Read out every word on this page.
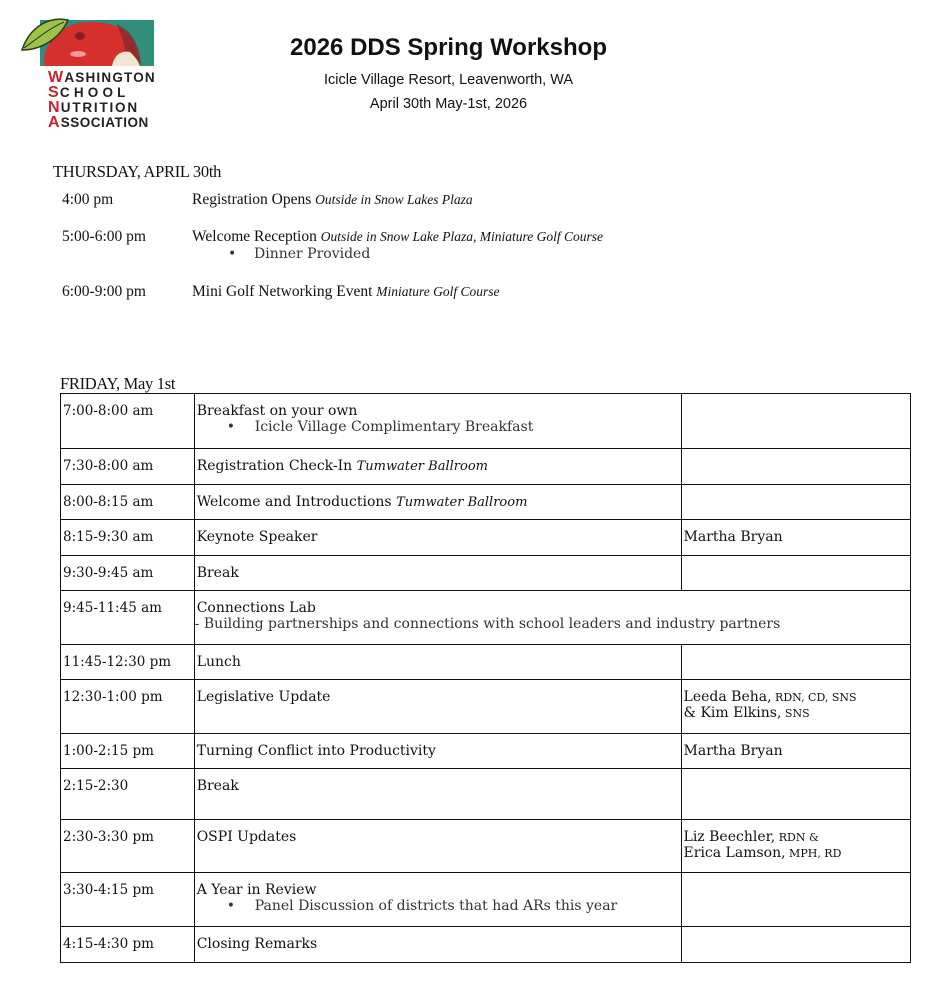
WASHINGTON
SCHOOL
NUTRITION
ASSOCIATION
2026 DDS Spring Workshop
Icicle Village Resort, Leavenworth, WA
April 30th May-1st, 2026
THURSDAY, APRIL 30th
4:00 pm	Registration Opens Outside in Snow Lakes Plaza
5:00-6:00 pm	Welcome Reception Outside in Snow Lake Plaza, Miniature Golf Course
• Dinner Provided
6:00-9:00 pm	Mini Golf Networking Event Miniature Golf Course
FRIDAY, May 1st
7:00-8:00 am	Breakfast on your own
• Icicle Village Complimentary Breakfast	

7:30-8:00 am	Registration Check-In Tumwater Ballroom	
8:00-8:15 am	Welcome and Introductions Tumwater Ballroom	
8:15-9:30 am	Keynote Speaker	Martha Bryan

9:30-9:45 am	Break	
9:45-11:45 am	Connections Lab
- Building partnerships and connections with school leaders and industry partners	

11:45-12:30 pm	Lunch	
12:30-1:00 pm	Legislative Update	Leeda Beha, RDN, CD, SNS
& Kim Elkins, SNS

1:00-2:15 pm	Turning Conflict into Productivity	Martha Bryan

2:15-2:30	Break	
2:30-3:30 pm	OSPI Updates	Liz Beechler, RDN &
Erica Lamson, MPH, RD

3:30-4:15 pm	A Year in Review
• Panel Discussion of districts that had ARs this year	

4:15-4:30 pm	Closing Remarks	
